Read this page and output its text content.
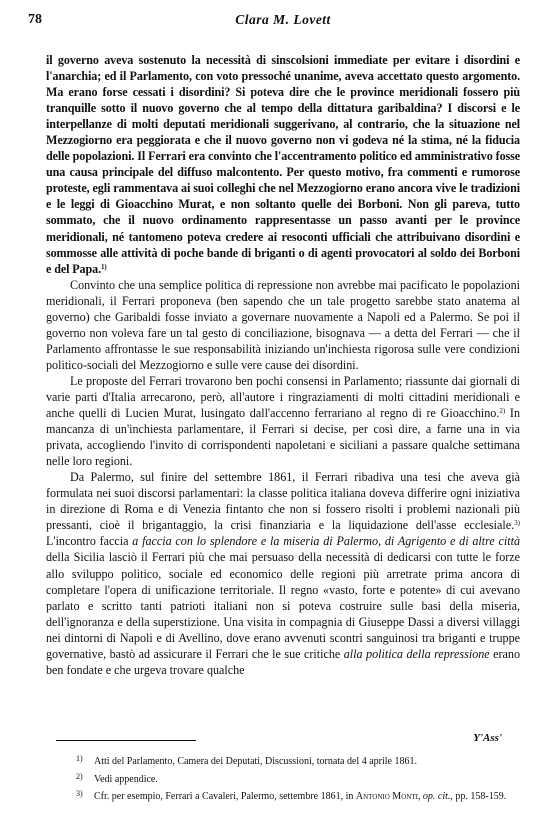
78	Clara M. Lovett

il governo aveva sostenuto la necessità di sinscolsioni immediate per evitare i disordini e l'anarchia; ed il Parlamento, con voto pressoché unanime, aveva accettato questo argomento. Ma erano forse cessati i disordini? Si poteva dire che le province meridionali fossero più tranquille sotto il nuovo governo che al tempo della dittatura garibaldina? I discorsi e le interpellanze di molti deputati meridionali suggerivano, al contrario, che la situazione nel Mezzogiorno era peggiorata e che il nuovo governo non vi godeva né la stima, né la fiducia delle popolazioni. Il Ferrari era convinto che l'accentramento politico ed amministrativo fosse una causa principale del diffuso malcontento. Per questo motivo, fra commenti e rumorose proteste, egli rammentava ai suoi colleghi che nel Mezzogiorno erano ancora vive le tradizioni e le leggi di Gioacchino Murat, e non soltanto quelle dei Borboni. Non gli pareva, tutto sommato, che il nuovo ordinamento rappresentasse un passo avanti per le province meridionali, né tantomeno poteva credere ai resoconti ufficiali che attribuivano disordini e sommosse alle attività di poche bande di briganti o di agenti provocatori al soldo dei Borboni e del Papa.$^{1)}$

Convinto che una semplice politica di repressione non avrebbe mai pacificato le popolazioni meridionali, il Ferrari proponeva (ben sapendo che un tale progetto sarebbe stato anatema al governo) che Garibaldi fosse inviato a governare nuovamente a Napoli ed a Palermo. Se poi il governo non voleva fare un tal gesto di conciliazione, bisognava — a detta del Ferrari — che il Parlamento affrontasse le sue responsabilità iniziando un'inchiesta rigorosa sulle vere condizioni politico-sociali del Mezzogiorno e sulle vere cause dei disordini.

Le proposte del Ferrari trovarono ben pochi consensi in Parlamento; riassunte dai giornali di varie parti d'Italia arrecarono, però, all'autore i ringraziamenti di molti cittadini meridionali e anche quelli di Lucien Murat, lusingato dall'accenno ferrariano al regno di re Gioacchino.$^{2)}$ In mancanza di un'inchiesta parlamentare, il Ferrari si decise, per così dire, a farne una in via privata, accogliendo l'invito di corrispondenti napoletani e siciliani a passare qualche settimana nelle loro regioni.

Da Palermo, sul finire del settembre 1861, il Ferrari ribadiva una tesi che aveva già formulata nei suoi discorsi parlamentari: la classe politica italiana doveva differire ogni iniziativa in direzione di Roma e di Venezia fintanto che non si fossero risolti i problemi nazionali più pressanti, cioè il brigantaggio, la crisi finanziaria e la liquidazione dell'asse ecclesiale.$^{3)}$ L'incontro faccia a faccia con lo splendore e la miseria di Palermo, di Agrigento e di altre città della Sicilia lasciò il Ferrari più che mai persuaso della necessità di dedicarsi con tutte le forze allo sviluppo politico, sociale ed economico delle regioni più arretrate prima ancora di completare l'opera di unificazione territoriale. Il regno «vasto, forte e potente» di cui avevano parlato e scritto tanti patrioti italiani non si poteva costruire sulle basi della miseria, dell'ignoranza e della superstizione. Una visita in compagnia di Giuseppe Dassi a diversi villaggi nei dintorni di Napoli e di Avellino, dove erano avvenuti scontri sanguinosi tra briganti e truppe governative, bastò ad assicurare il Ferrari che le sue critiche alla politica della repressione erano ben fondate e che urgeva trovare qualche

Y'Ass'

1) Atti del Parlamento, Camera dei Deputati, Discussioni, tornata del 4 aprile 1861.

2) Vedi appendice.

3) Cfr. per esempio, Ferrari a Cavaleri, Palermo, settembre 1861, in Antonio Monti, op. cit., pp. 158-159.
